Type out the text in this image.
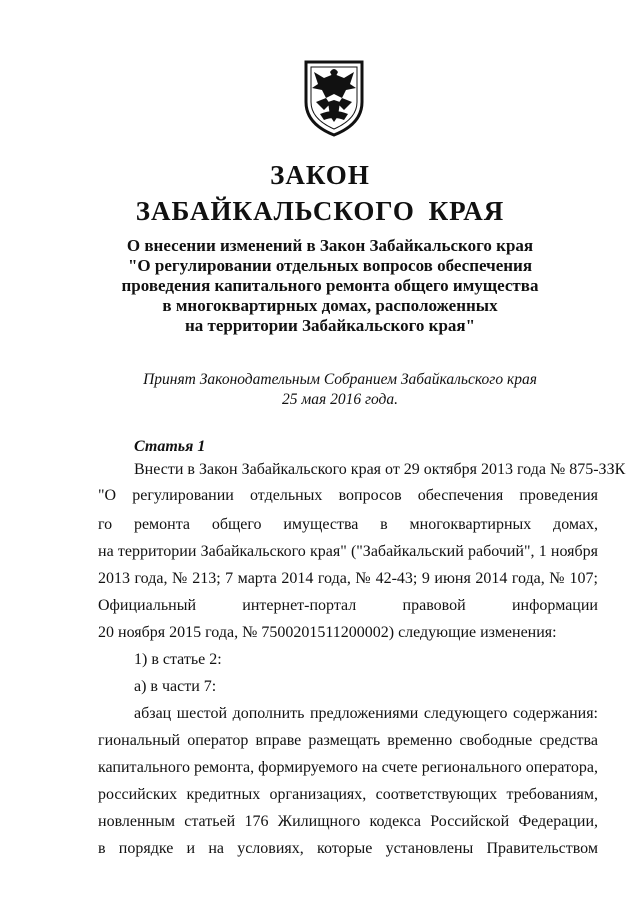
ЗАКОН
ЗАБАЙКАЛЬСКОГО КРАЯ
О внесении изменений в Закон Забайкальского края
"О регулировании отдельных вопросов обеспечения
проведения капитального ремонта общего имущества
в многоквартирных домах, расположенных
на территории Забайкальского края"
Принят Законодательным Собранием Забайкальского края
25 мая 2016 года.
Статья 1
Внести в Закон Забайкальского края от 29 октября 2013 года № 875-ЗЗК
"О регулировании отдельных вопросов обеспечения проведения
го ремонта общего имущества в многоквартирных домах,
на территории Забайкальского края" ("Забайкальский рабочий", 1 ноября
2013 года, № 213; 7 марта 2014 года, № 42-43; 9 июня 2014 года, № 107;
Официальный интернет-портал правовой информации
20 ноября 2015 года, № 7500201511200002) следующие изменения:
1) в статье 2:
а) в части 7:
абзац шестой дополнить предложениями следующего содержания:
гиональный оператор вправе размещать временно свободные средства
капитального ремонта, формируемого на счете регионального оператора,
российских кредитных организациях, соответствующих требованиям,
новленным статьей 176 Жилищного кодекса Российской Федерации,
в порядке и на условиях, которые установлены Правительством
